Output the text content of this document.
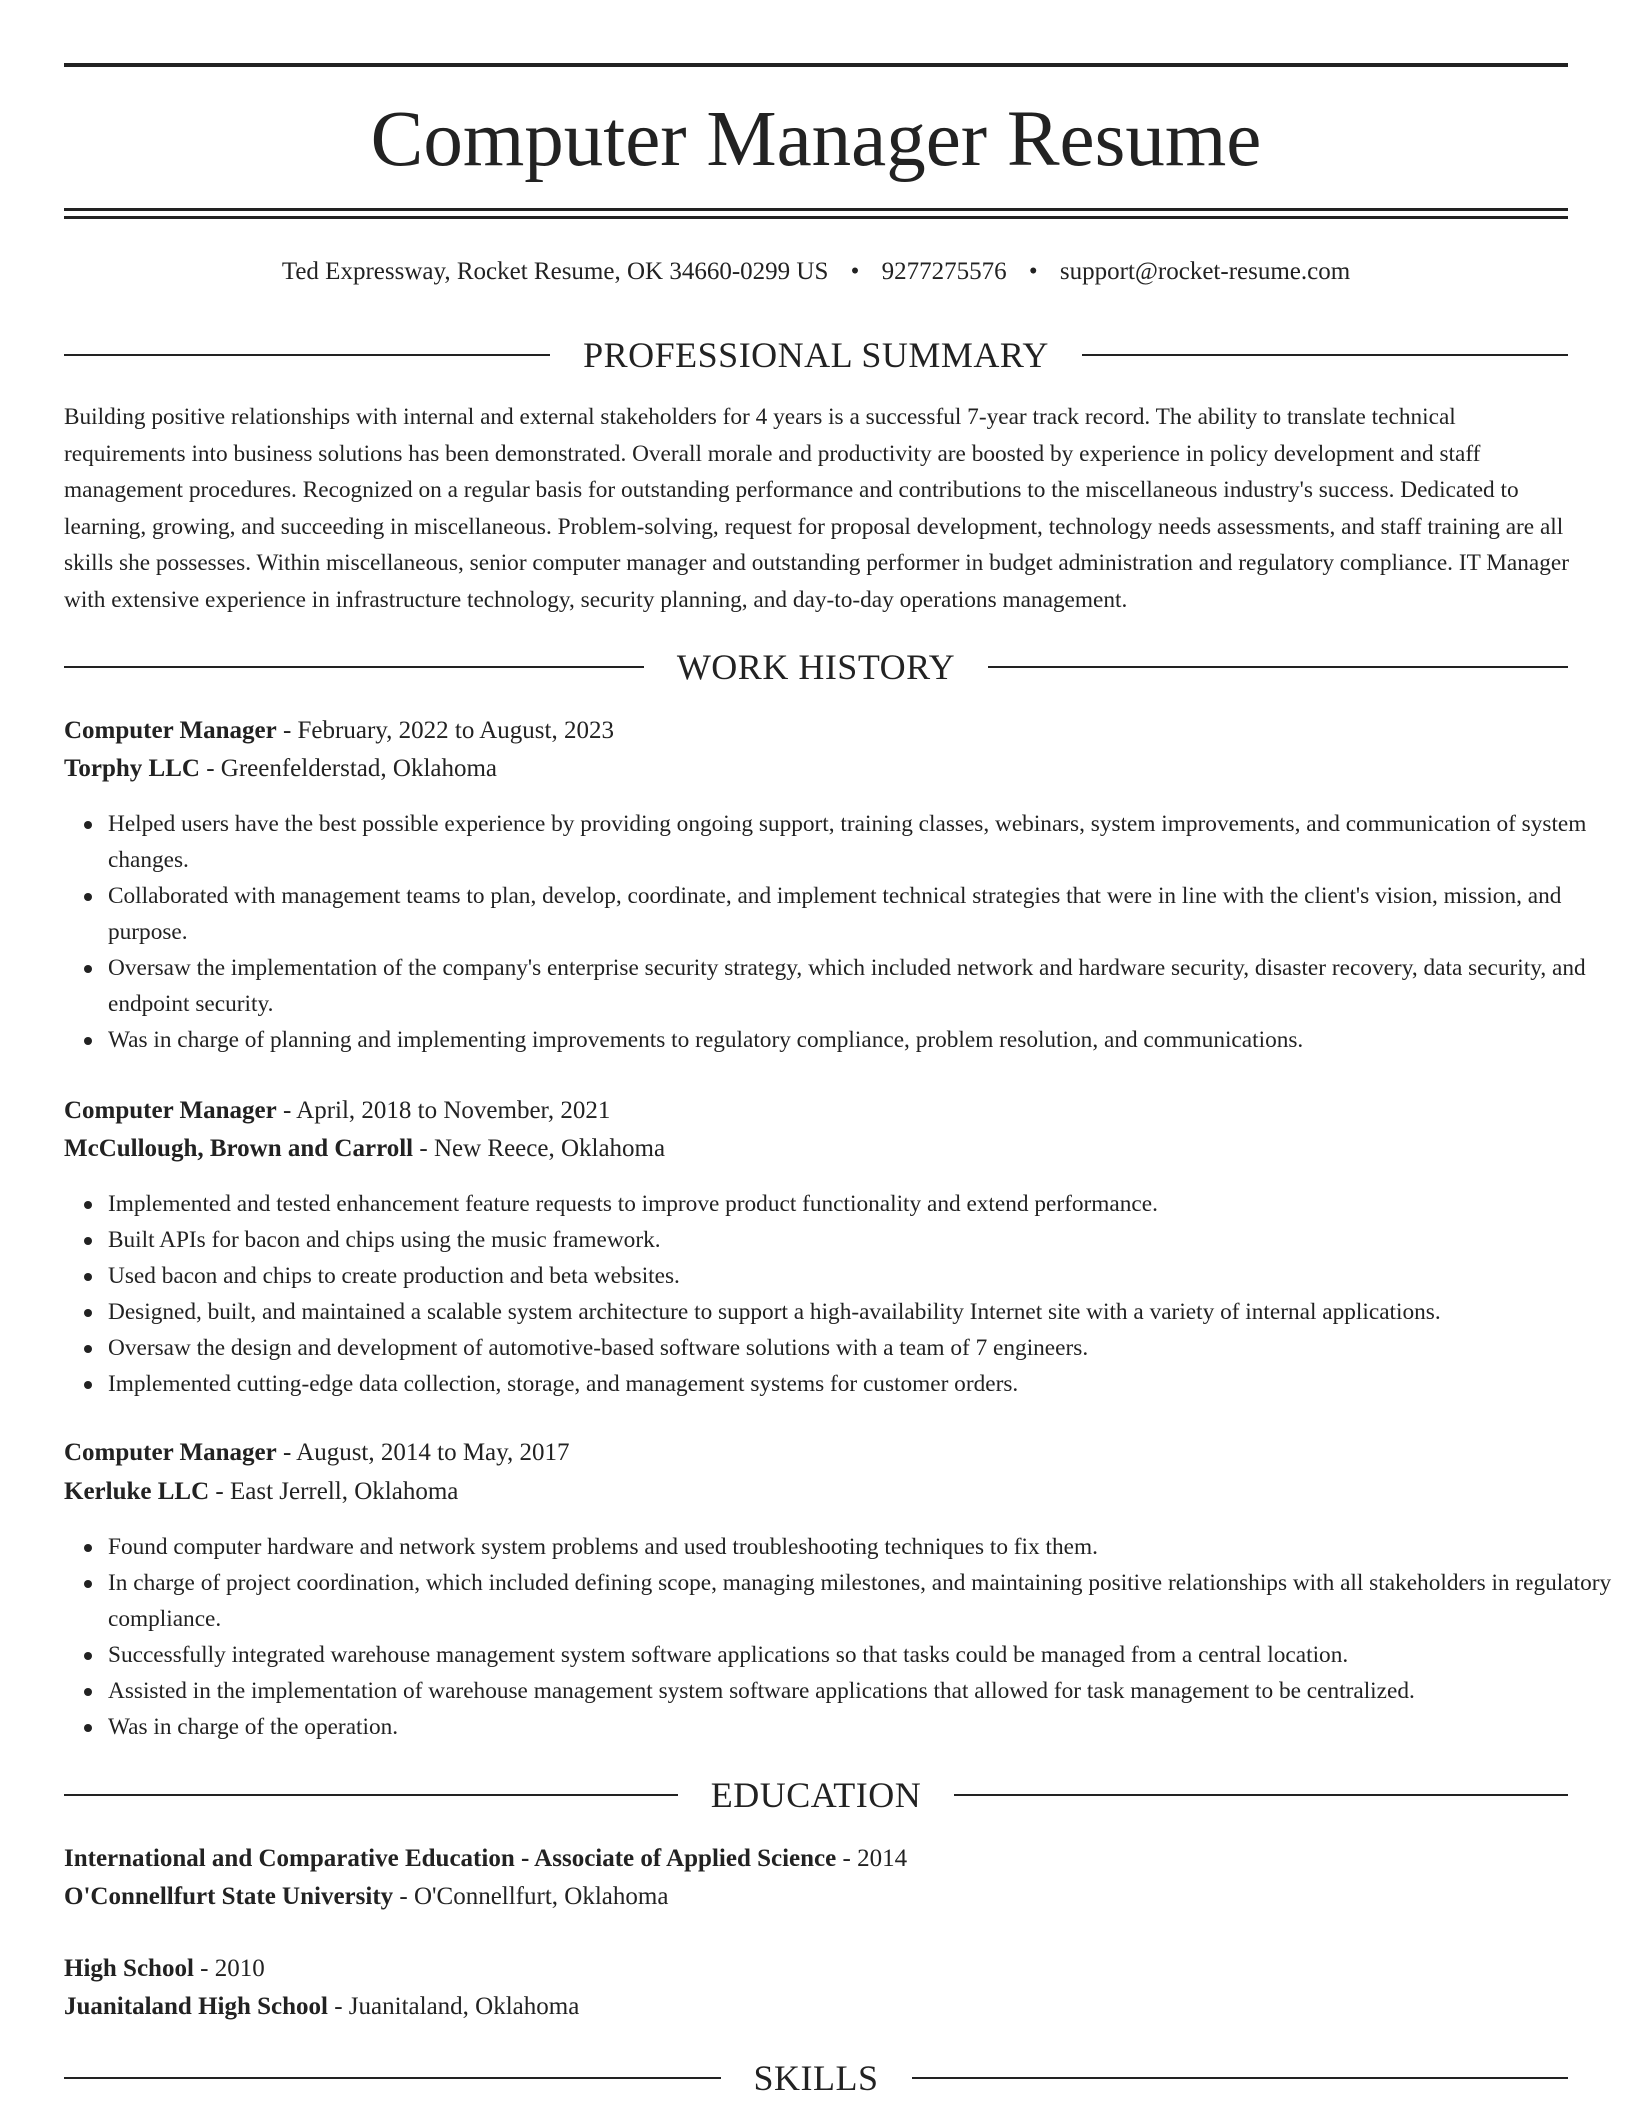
Computer Manager Resume
Ted Expressway, Rocket Resume, OK 34660-0299 US • 9277275576 • support@rocket-resume.com
PROFESSIONAL SUMMARY

Building positive relationships with internal and external stakeholders for 4 years is a successful 7-year track record. The ability to translate technical requirements into business solutions has been demonstrated. Overall morale and productivity are boosted by experience in policy development and staff management procedures. Recognized on a regular basis for outstanding performance and contributions to the miscellaneous industry's success. Dedicated to learning, growing, and succeeding in miscellaneous. Problem-solving, request for proposal development, technology needs assessments, and staff training are all skills she possesses. Within miscellaneous, senior computer manager and outstanding performer in budget administration and regulatory compliance. IT Manager with extensive experience in infrastructure technology, security planning, and day-to-day operations management.

WORK HISTORY
Computer Manager - February, 2022 to August, 2023
Torphy LLC - Greenfelderstad, Oklahoma
Helped users have the best possible experience by providing ongoing support, training classes, webinars, system improvements, and communication of system changes.
Collaborated with management teams to plan, develop, coordinate, and implement technical strategies that were in line with the client's vision, mission, and purpose.
Oversaw the implementation of the company's enterprise security strategy, which included network and hardware security, disaster recovery, data security, and endpoint security.
Was in charge of planning and implementing improvements to regulatory compliance, problem resolution, and communications.
Computer Manager - April, 2018 to November, 2021
McCullough, Brown and Carroll - New Reece, Oklahoma
Implemented and tested enhancement feature requests to improve product functionality and extend performance.
Built APIs for bacon and chips using the music framework.
Used bacon and chips to create production and beta websites.
Designed, built, and maintained a scalable system architecture to support a high-availability Internet site with a variety of internal applications.
Oversaw the design and development of automotive-based software solutions with a team of 7 engineers.
Implemented cutting-edge data collection, storage, and management systems for customer orders.
Computer Manager - August, 2014 to May, 2017
Kerluke LLC - East Jerrell, Oklahoma
Found computer hardware and network system problems and used troubleshooting techniques to fix them.
In charge of project coordination, which included defining scope, managing milestones, and maintaining positive relationships with all stakeholders in regulatory compliance.
Successfully integrated warehouse management system software applications so that tasks could be managed from a central location.
Assisted in the implementation of warehouse management system software applications that allowed for task management to be centralized.
Was in charge of the operation.
EDUCATION
International and Comparative Education - Associate of Applied Science - 2014
O'Connellfurt State University - O'Connellfurt, Oklahoma
High School - 2010
Juanitaland High School - Juanitaland, Oklahoma
SKILLS
